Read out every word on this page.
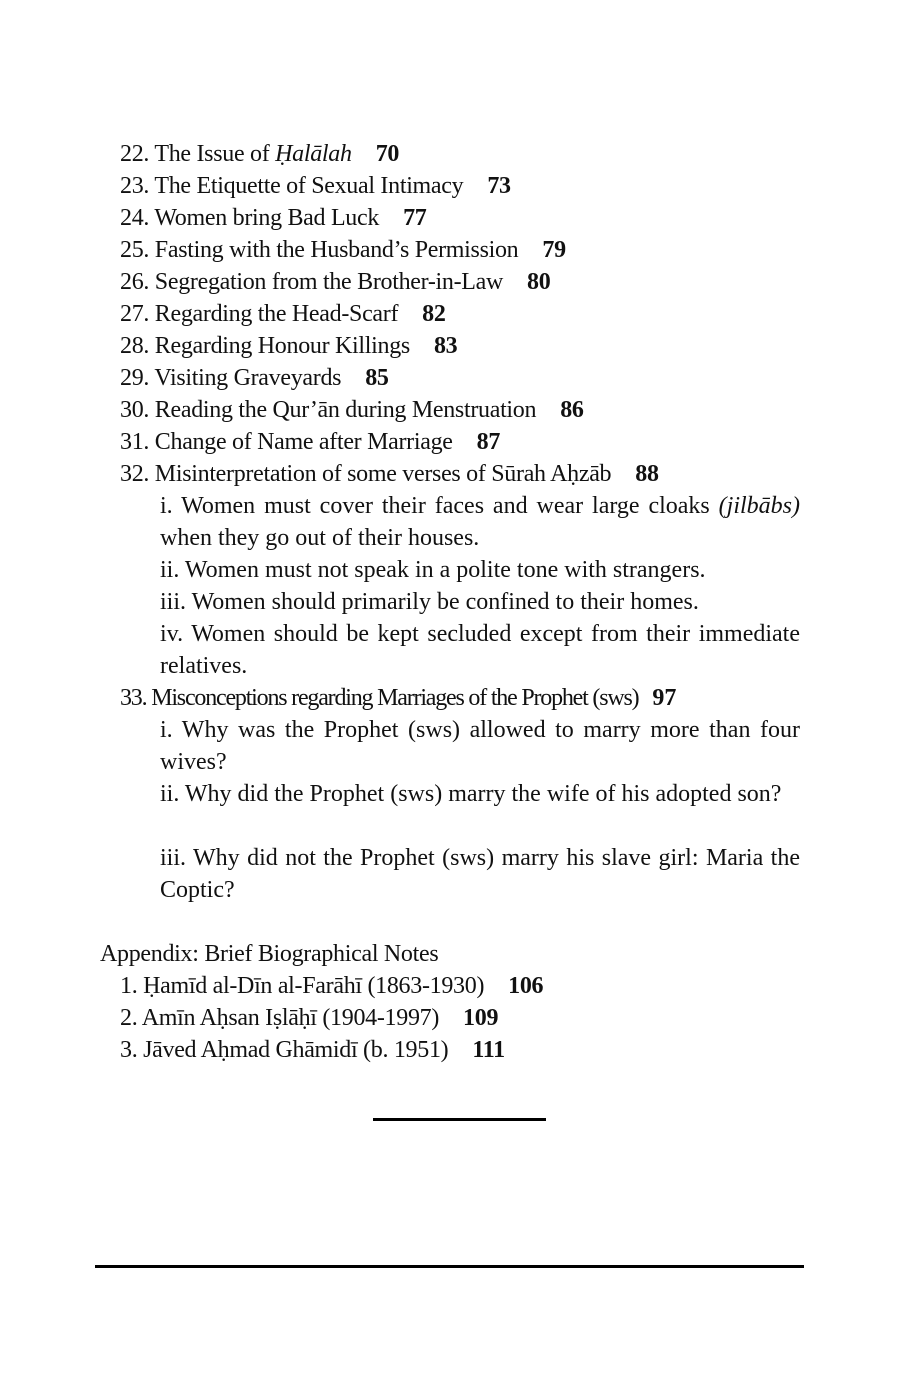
22. The Issue of Ḥalālah 70
23. The Etiquette of Sexual Intimacy 73
24. Women bring Bad Luck 77
25. Fasting with the Husband’s Permission 79
26. Segregation from the Brother-in-Law 80
27. Regarding the Head-Scarf 82
28. Regarding Honour Killings 83
29. Visiting Graveyards 85
30. Reading the Qur’ān during Menstruation 86
31. Change of Name after Marriage 87
32. Misinterpretation of some verses of Sūrah Aḥzāb 88
i. Women must cover their faces and wear large cloaks (jilbābs) when they go out of their houses.
ii. Women must not speak in a polite tone with strangers.
iii. Women should primarily be confined to their homes.
iv. Women should be kept secluded except from their immediate relatives.
33. Misconceptions regarding Marriages of the Prophet (sws) 97
i. Why was the Prophet (sws) allowed to marry more than four wives?
ii. Why did the Prophet (sws) marry the wife of his adopted son?
iii. Why did not the Prophet (sws) marry his slave girl: Maria the Coptic?
Appendix: Brief Biographical Notes
1. Ḥamīd al-Dīn al-Farāhī (1863-1930) 106
2. Amīn Aḥsan Iṣlāḥī (1904-1997) 109
3. Jāved Aḥmad Ghāmidī (b. 1951) 111
